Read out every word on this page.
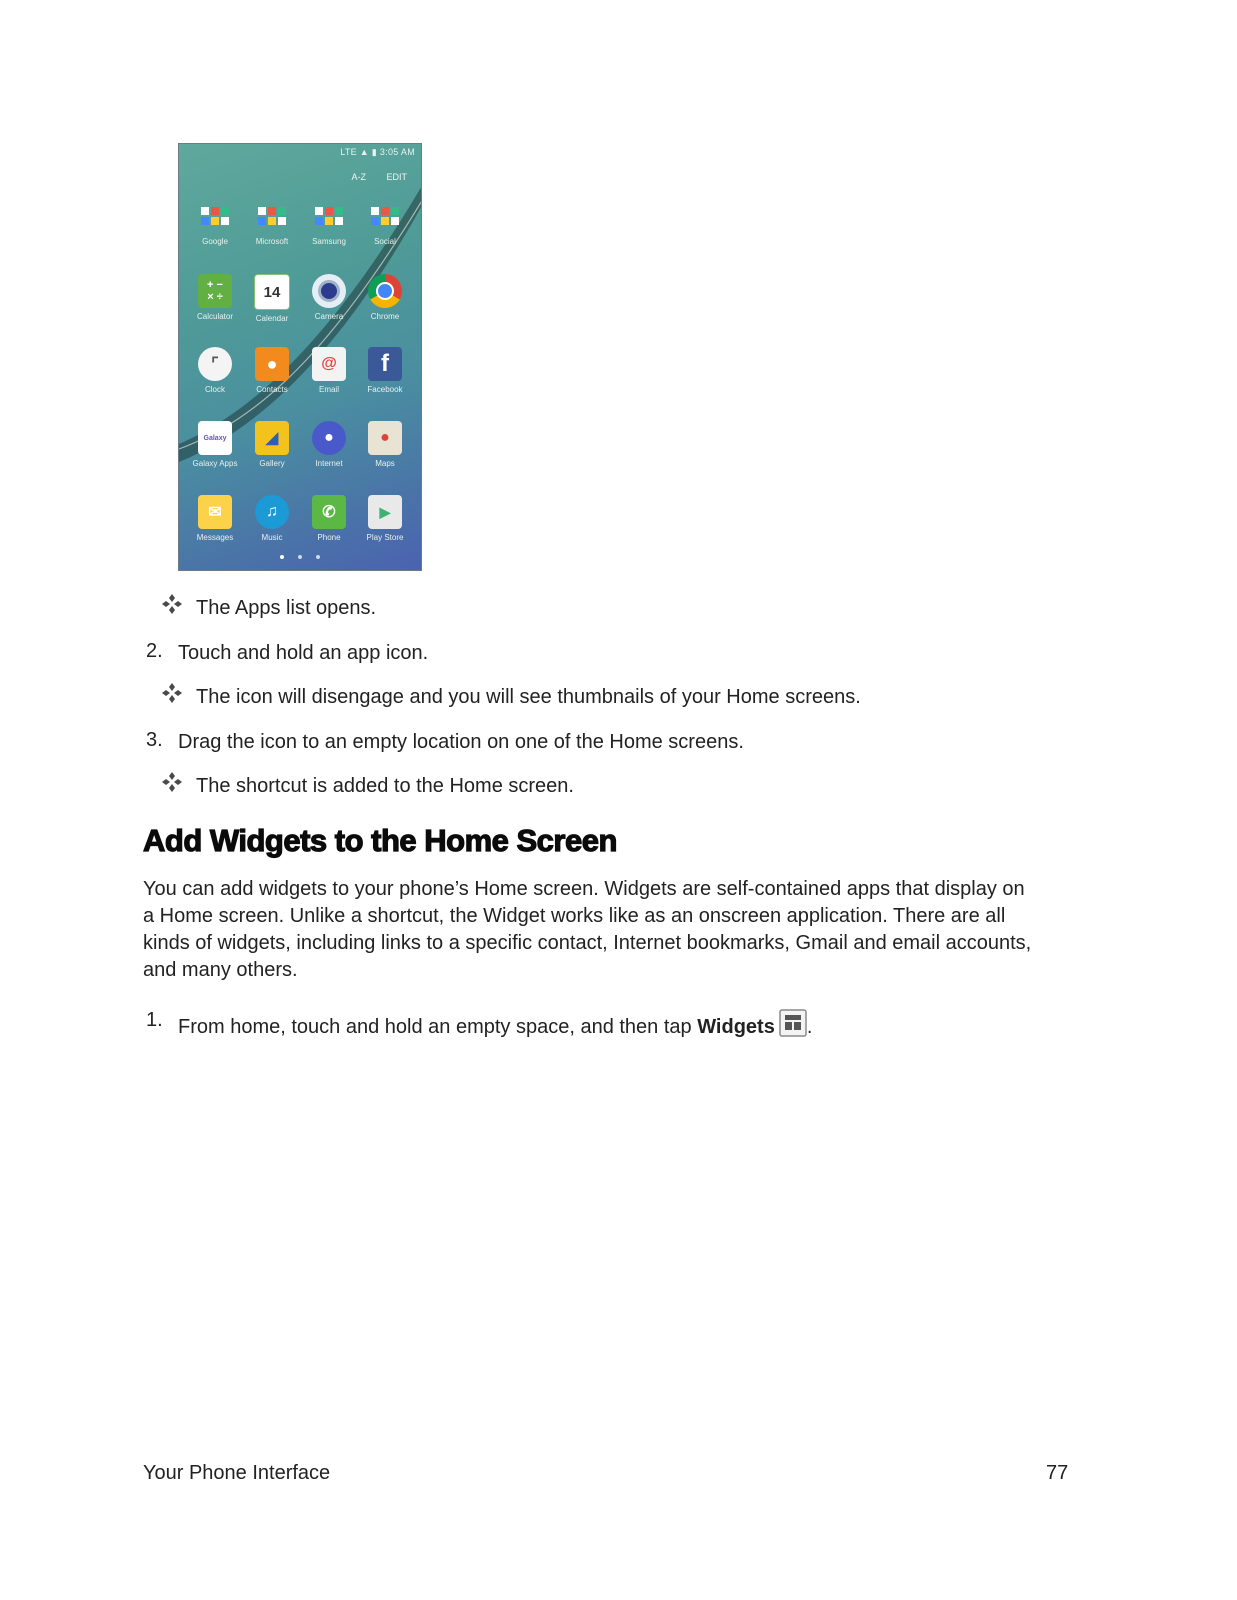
LTE ▲ ▮ 3:05 AM
A-Z EDIT
Google	Microsoft	Samsung	Social
+ −
× ÷
Calculator
14
Calendar	Camera	Chrome
⌜
Clock
●
Contacts
@
Email
f
Facebook
Galaxy
Galaxy Apps
◢
Gallery
●
Internet
●
Maps
✉
Messages
♫
Music
✆
Phone
▶
Play Store
The Apps list opens.
2. Touch and hold an app icon.
The icon will disengage and you will see thumbnails of your Home screens.
3. Drag the icon to an empty location on one of the Home screens.
The shortcut is added to the Home screen.
Add Widgets to the Home Screen
You can add widgets to your phone’s Home screen. Widgets are self-contained apps that display on
a Home screen. Unlike a shortcut, the Widget works like as an onscreen application. There are all
kinds of widgets, including links to a specific contact, Internet bookmarks, Gmail and email accounts,
and many others.
1. From home, touch and hold an empty space, and then tap Widgets .
Your Phone Interface	77
